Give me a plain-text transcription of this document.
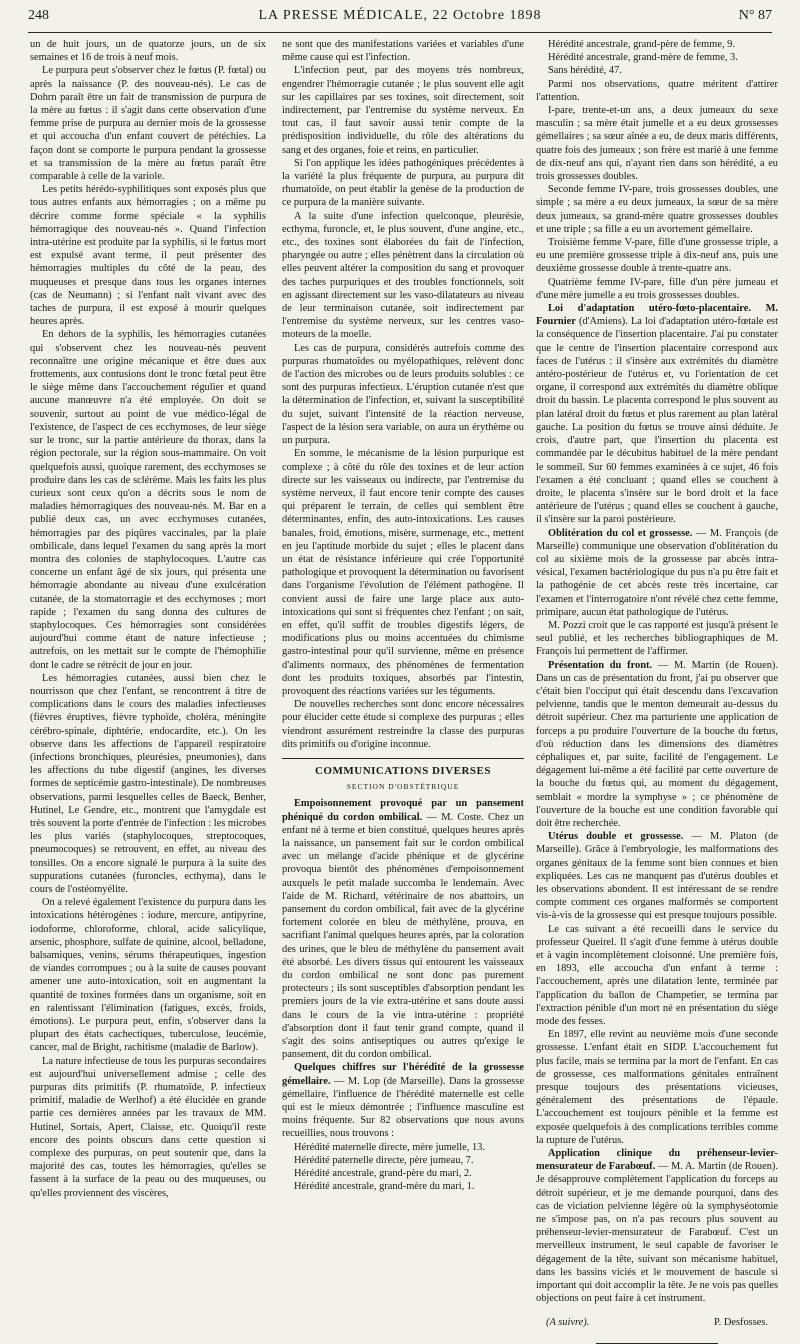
248	LA PRESSE MÉDICALE, 22 Octobre 1898	N° 87

un de huit jours, un de quatorze jours, un de six semaines et 16 de trois à neuf mois.

Le purpura peut s'observer chez le fœtus (P. fœtal) ou après la naissance (P. des nouveau-nés). Le cas de Dohrn paraît être un fait de transmission de purpura de la mère au fœtus : il s'agit dans cette observation d'une femme prise de purpura au dernier mois de la grossesse et qui accoucha d'un enfant couvert de pétéchies. La façon dont se comporte le purpura pendant la grossesse et sa transmission de la mère au fœtus paraît être comparable à celle de la variole.

Les petits hérédo-syphilitiques sont exposés plus que tous autres enfants aux hémorragies ; on a même pu décrire comme forme spéciale « la syphilis hémorragique des nouveau-nés ». Quand l'infection intra-utérine est produite par la syphilis, si le fœtus mort est expulsé avant terme, il peut présenter des hémorragies multiples du côté de la peau, des muqueuses et presque dans tous les organes internes (cas de Neumann) ; si l'enfant naît vivant avec des taches de purpura, il est exposé à mourir quelques heures après.

En dehors de la syphilis, les hémorragies cutanées qui s'observent chez les nouveau-nés peuvent reconnaître une origine mécanique et être dues aux frottements, aux contusions dont le tronc fœtal peut être le siège même dans l'accouchement régulier et quand aucune manœuvre n'a été employée. On doit se souvenir, surtout au point de vue médico-légal de l'existence, de l'aspect de ces ecchymoses, de leur siège sur le tronc, sur la partie antérieure du thorax, dans la région pectorale, sur la région sous-mammaire. On voit quelquefois aussi, quoique rarement, des ecchymoses se produire dans les cas de sclérème. Mais les faits les plus curieux sont ceux qu'on a décrits sous le nom de maladies hémorragiques des nouveau-nés. M. Bar en a publié deux cas, un avec ecchymoses cutanées, hémorragies par des piqûres vaccinales, par la plaie ombilicale, dans lequel l'examen du sang après la mort montra des colonies de staphylocoques. L'autre cas concerne un enfant âgé de six jours, qui présenta une hémorragie abondante au niveau d'une exulcération cutanée, de la stomatorragie et des ecchymoses ; mort rapide ; l'examen du sang donna des cultures de staphylocoques. Ces hémorragies sont considérées aujourd'hui comme étant de nature infectieuse ; autrefois, on les mettait sur le compte de l'hémophilie dont le cadre se rétrécit de jour en jour.

Les hémorragies cutanées, aussi bien chez le nourrisson que chez l'enfant, se rencontrent à titre de complications dans le cours des maladies infectieuses (fièvres éruptives, fièvre typhoïde, choléra, méningite cérébro-spinale, diphtérie, endocardite, etc.). On les observe dans les affections de l'appareil respiratoire (infections bronchiques, pleurésies, pneumonies), dans les affections du tube digestif (angines, les diverses formes de septicémie gastro-intestinale). De nombreuses observations, parmi lesquelles celles de Baeck, Benher, Hutinel, Le Gendre, etc., montrent que l'amygdale est très souvent la porte d'entrée de l'infection : les microbes les plus variés (staphylocoques, streptocoques, pneumocoques) se retrouvent, en effet, au niveau des tonsilles. On a encore signalé le purpura à la suite des suppurations cutanées (furoncles, ecthyma), dans le cours de l'ostéomyélite.

On a relevé également l'existence du purpura dans les intoxications hétérogènes : iodure, mercure, antipyrine, iodoforme, chloroforme, chloral, acide salicylique, arsenic, phosphore, sulfate de quinine, alcool, belladone, balsamiques, venins, sérums thérapeutiques, ingestion de viandes corrompues ; ou à la suite de causes pouvant amener une auto-intoxication, soit en augmentant la quantité de toxines formées dans un organisme, soit en en ralentissant l'élimination (fatigues, excès, froids, émotions). Le purpura peut, enfin, s'observer dans la plupart des états cachectiques, tuberculose, leucémie, cancer, mal de Bright, rachitisme (maladie de Barlow).

La nature infectieuse de tous les purpuras secondaires est aujourd'hui universellement admise ; celle des purpuras dits primitifs (P. rhumatoïde, P. infectieux primitif, maladie de Werlhof) a été élucidée en grande partie ces dernières années par les travaux de MM. Hutinel, Sortais, Apert, Claisse, etc. Quoiqu'il reste encore des points obscurs dans cette question si complexe des purpuras, on peut soutenir que, dans la majorité des cas, toutes les hémorragies, qu'elles se fassent à la surface de la peau ou des muqueuses, ou qu'elles proviennent des viscères,

ne sont que des manifestations variées et variables d'une même cause qui est l'infection.

L'infection peut, par des moyens très nombreux, engendrer l'hémorragie cutanée ; le plus souvent elle agit sur les capillaires par ses toxines, soit directement, soit indirectement, par l'entremise du système nerveux. En tout cas, il faut savoir aussi tenir compte de la prédisposition individuelle, du rôle des altérations du sang et des organes, foie et reins, en particulier.

Si l'on applique les idées pathogéniques précédentes à la variété la plus fréquente de purpura, au purpura dit rhumatoïde, on peut établir la genèse de la production de ce purpura de la manière suivante.

A la suite d'une infection quelconque, pleurésie, ecthyma, furoncle, et, le plus souvent, d'une angine, etc., etc., des toxines sont élaborées du fait de l'infection, pharyngée ou autre ; elles pénètrent dans la circulation où elles peuvent altérer la composition du sang et provoquer des taches purpuriques et des troubles fonctionnels, soit en agissant directement sur les vaso-dilatateurs au niveau de leur terminaison cutanée, soit indirectement par l'entremise du système nerveux, sur les centres vaso-moteurs de la moelle.

Les cas de purpura, considérés autrefois comme des purpuras rhumatoïdes ou myélopathiques, relèvent donc de l'action des microbes ou de leurs produits solubles : ce sont des purpuras infectieux. L'éruption cutanée n'est que la détermination de l'infection, et, suivant la susceptibilité du sujet, suivant l'intensité de la réaction nerveuse, l'aspect de la lésion sera variable, on aura un érythème ou un purpura.

En somme, le mécanisme de la lésion purpurique est complexe ; à côté du rôle des toxines et de leur action directe sur les vaisseaux ou indirecte, par l'entremise du système nerveux, il faut encore tenir compte des causes qui préparent le terrain, de celles qui semblent être déterminantes, enfin, des auto-intoxications. Les causes banales, froid, émotions, misère, surmenage, etc., mettent en jeu l'aptitude morbide du sujet ; elles le placent dans un état de résistance inférieure qui crée l'opportunité pathologique et provoquent la détermination ou favorisent dans l'organisme l'évolution de l'élément pathogène. Il convient aussi de faire une large place aux auto-intoxications qui sont si fréquentes chez l'enfant ; on sait, en effet, qu'il suffit de troubles digestifs légers, de modifications plus ou moins accentuées du chimisme gastro-intestinal pour qu'il survienne, même en présence d'aliments normaux, des phénomènes de fermentation dont les produits toxiques, absorbés par l'intestin, provoquent des réactions variées sur les téguments.

De nouvelles recherches sont donc encore nécessaires pour élucider cette étude si complexe des purpuras ; elles viendront assurément restreindre la classe des purpuras dits primitifs ou d'origine inconnue.

COMMUNICATIONS DIVERSES
SECTION D'OBSTÉTRIQUE

Empoisonnement provoqué par un pansement phéniqué du cordon ombilical. — M. Coste. Chez un enfant né à terme et bien constitué, quelques heures après la naissance, un pansement fait sur le cordon ombilical avec un mélange d'acide phénique et de glycérine provoqua bientôt des phénomènes d'empoisonnement auxquels le petit malade succomba le lendemain. Avec l'aide de M. Richard, vétérinaire de nos abattoirs, un pansement du cordon ombilical, fait avec de la glycérine fortement colorée en bleu de méthylène, prouva, en sacrifiant l'animal quelques heures après, par la coloration des urines, que le bleu de méthylène du pansement avait été absorbé. Les divers tissus qui entourent les vaisseaux du cordon ombilical ne sont donc pas purement protecteurs ; ils sont susceptibles d'absorption pendant les premiers jours de la vie extra-utérine et sans doute aussi dans le cours de la vie intra-utérine : propriété d'absorption dont il faut tenir grand compte, quand il s'agit des soins antiseptiques ou autres qu'exige le pansement, dit du cordon ombilical.

Quelques chiffres sur l'hérédité de la grossesse gémellaire. — M. Lop (de Marseille). Dans la grossesse gémellaire, l'influence de l'hérédité maternelle est celle qui est le mieux démontrée ; l'influence masculine est moins fréquente. Sur 82 observations que nous avons recueillies, nous trouvons :

Hérédité maternelle directe, mère jumelle, 13.

Hérédité paternelle directe, père jumeau, 7.

Hérédité ancestrale, grand-père du mari, 2.

Hérédité ancestrale, grand-mère du mari, 1.

Hérédité ancestrale, grand-père de femme, 9.

Hérédité ancestrale, grand-mère de femme, 3.

Sans hérédité, 47.

Parmi nos observations, quatre méritent d'attirer l'attention.

I-pare, trente-et-un ans, a deux jumeaux du sexe masculin ; sa mère était jumelle et a eu deux grossesses gémellaires ; sa sœur aînée a eu, de deux maris différents, quatre fois des jumeaux ; son frère est marié à une femme de dix-neuf ans qui, n'ayant rien dans son hérédité, a eu trois grossesses doubles.

Seconde femme IV-pare, trois grossesses doubles, une simple ; sa mère a eu deux jumeaux, la sœur de sa mère deux jumeaux, sa grand-mère quatre grossesses doubles et une triple ; sa fille a eu un avortement gémellaire.

Troisième femme V-pare, fille d'une grossesse triple, a eu une première grossesse triple à dix-neuf ans, puis une deuxième grossesse double à trente-quatre ans.

Quatrième femme IV-pare, fille d'un père jumeau et d'une mère jumelle a eu trois grossesses doubles.

Loi d'adaptation utéro-fœto-placentaire. M. Fournier (d'Amiens). La loi d'adaptation utéro-fœtale est la conséquence de l'insertion placentaire. J'ai pu constater que le centre de l'insertion placentaire correspond aux faces de l'utérus : il s'insère aux extrémités du diamètre antéro-postérieur de l'utérus et, vu l'orientation de cet organe, il correspond aux extrémités du diamètre oblique droit du bassin. Le placenta correspond le plus souvent au plan latéral droit du fœtus et plus rarement au plan latéral gauche. La position du fœtus se trouve ainsi déduite. Je crois, d'autre part, que l'insertion du placenta est commandée par le décubitus habituel de la mère pendant le sommeil. Sur 60 femmes examinées à ce sujet, 46 fois l'examen a été concluant ; quand elles se couchent à droite, le placenta s'insère sur le bord droit et la face antérieure de l'utérus ; quand elles se couchent à gauche, il s'insère sur la paroi postérieure.

Oblitération du col et grossesse. — M. François (de Marseille) communique une observation d'oblitération du col au sixième mois de la grossesse par abcès intra-vésical, l'examen bactériologique du pus n'a pu être fait et la pathogénie de cet abcès reste très incertaine, car l'examen et l'interrogatoire n'ont révélé chez cette femme, primipare, aucun état pathologique de l'utérus.

M. Pozzi croit que le cas rapporté est jusqu'à présent le seul publié, et les recherches bibliographiques de M. François lui permettent de l'affirmer.

Présentation du front. — M. Martin (de Rouen). Dans un cas de présentation du front, j'ai pu observer que c'était bien l'occiput qui était descendu dans l'excavation pelvienne, tandis que le menton demeurait au-dessus du détroit supérieur. Chez ma parturiente une application de forceps a pu produire l'ouverture de la bouche du fœtus, d'où réduction dans les dimensions des diamètres céphaliques et, par suite, facilité de l'engagement. Le dégagement lui-même a été facilité par cette ouverture de la bouche du fœtus qui, au moment du dégagement, semblait « mordre la symphyse » ; ce phénomène de l'ouverture de la bouche est une condition favorable qui doit être recherchée.

Utérus double et grossesse. — M. Platon (de Marseille). Grâce à l'embryologie, les malformations des organes génitaux de la femme sont bien connues et bien expliquées. Les cas ne manquent pas d'utérus doubles et les observations abondent. Il est intéressant de se rendre compte comment ces organes malformés se comportent vis-à-vis de la grossesse qui est presque toujours possible.

Le cas suivant a été recueilli dans le service du professeur Queirel. Il s'agit d'une femme à utérus double et à vagin incomplètement cloisonné. Une première fois, en 1893, elle accoucha d'un enfant à terme : l'accouchement, après une dilatation lente, terminée par l'application du ballon de Champetier, se termina par l'extraction pénible d'un mort né en présentation du siège mode des fesses.

En 1897, elle revint au neuvième mois d'une seconde grossesse. L'enfant était en SIDP. L'accouchement fut plus facile, mais se termina par la mort de l'enfant. En cas de grossesse, ces malformations génitales entraînent presque toujours des présentations vicieuses, généralement des présentations de l'épaule. L'accouchement est toujours pénible et la femme est exposée quelquefois à des complications terribles comme la rupture de l'utérus.

Application clinique du préhenseur-levier-mensurateur de Farabœuf. — M. A. Martin (de Rouen). Je désapprouve complètement l'application du forceps au détroit supérieur, et je me demande pourquoi, dans des cas de viciation pelvienne légère où la symphyséotomie ne s'impose pas, on n'a pas recours plus souvent au préhenseur-levier-mensurateur de Farabœuf. C'est un merveilleux instrument, le seul capable de favoriser le dégagement de la tête, suivant son mécanisme habituel, dans les bassins viciés et le mouvement de bascule si important qui doit accomplir la tête. Je ne vois pas quelles objections on peut faire à cet instrument.

(A suivre).	P. Desfosses.
